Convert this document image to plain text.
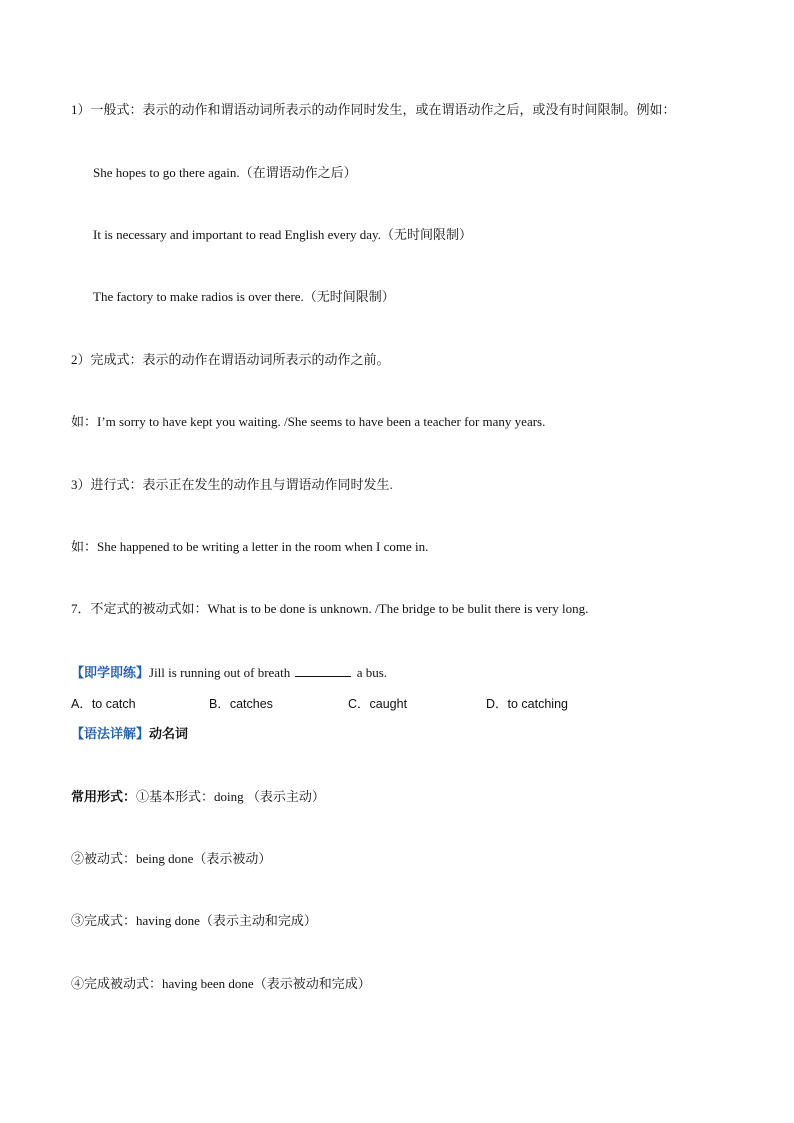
1）一般式：表示的动作和谓语动词所表示的动作同时发生，或在谓语动作之后，或没有时间限制。例如：
She hopes to go there again.（在谓语动作之后）
It is necessary and important to read English every day.（无时间限制）
The factory to make radios is over there.（无时间限制）
2）完成式：表示的动作在谓语动词所表示的动作之前。
如：I’m sorry to have kept you waiting. /She seems to have been a teacher for many years.
3）进行式：表示正在发生的动作且与谓语动作同时发生.
如：She happened to be writing a letter in the room when I come in.
7．不定式的被动式如：What is to be done is unknown. /The bridge to be bulit there is very long.
【即学即练】Jill is running out of breath	a bus.
A．to catch	B．catches	C．caught	D．to catching
【语法详解】动名词
常用形式：①基本形式：doing （表示主动）
②被动式：being done（表示被动）
③完成式：having done（表示主动和完成）
④完成被动式：having been done（表示被动和完成）
